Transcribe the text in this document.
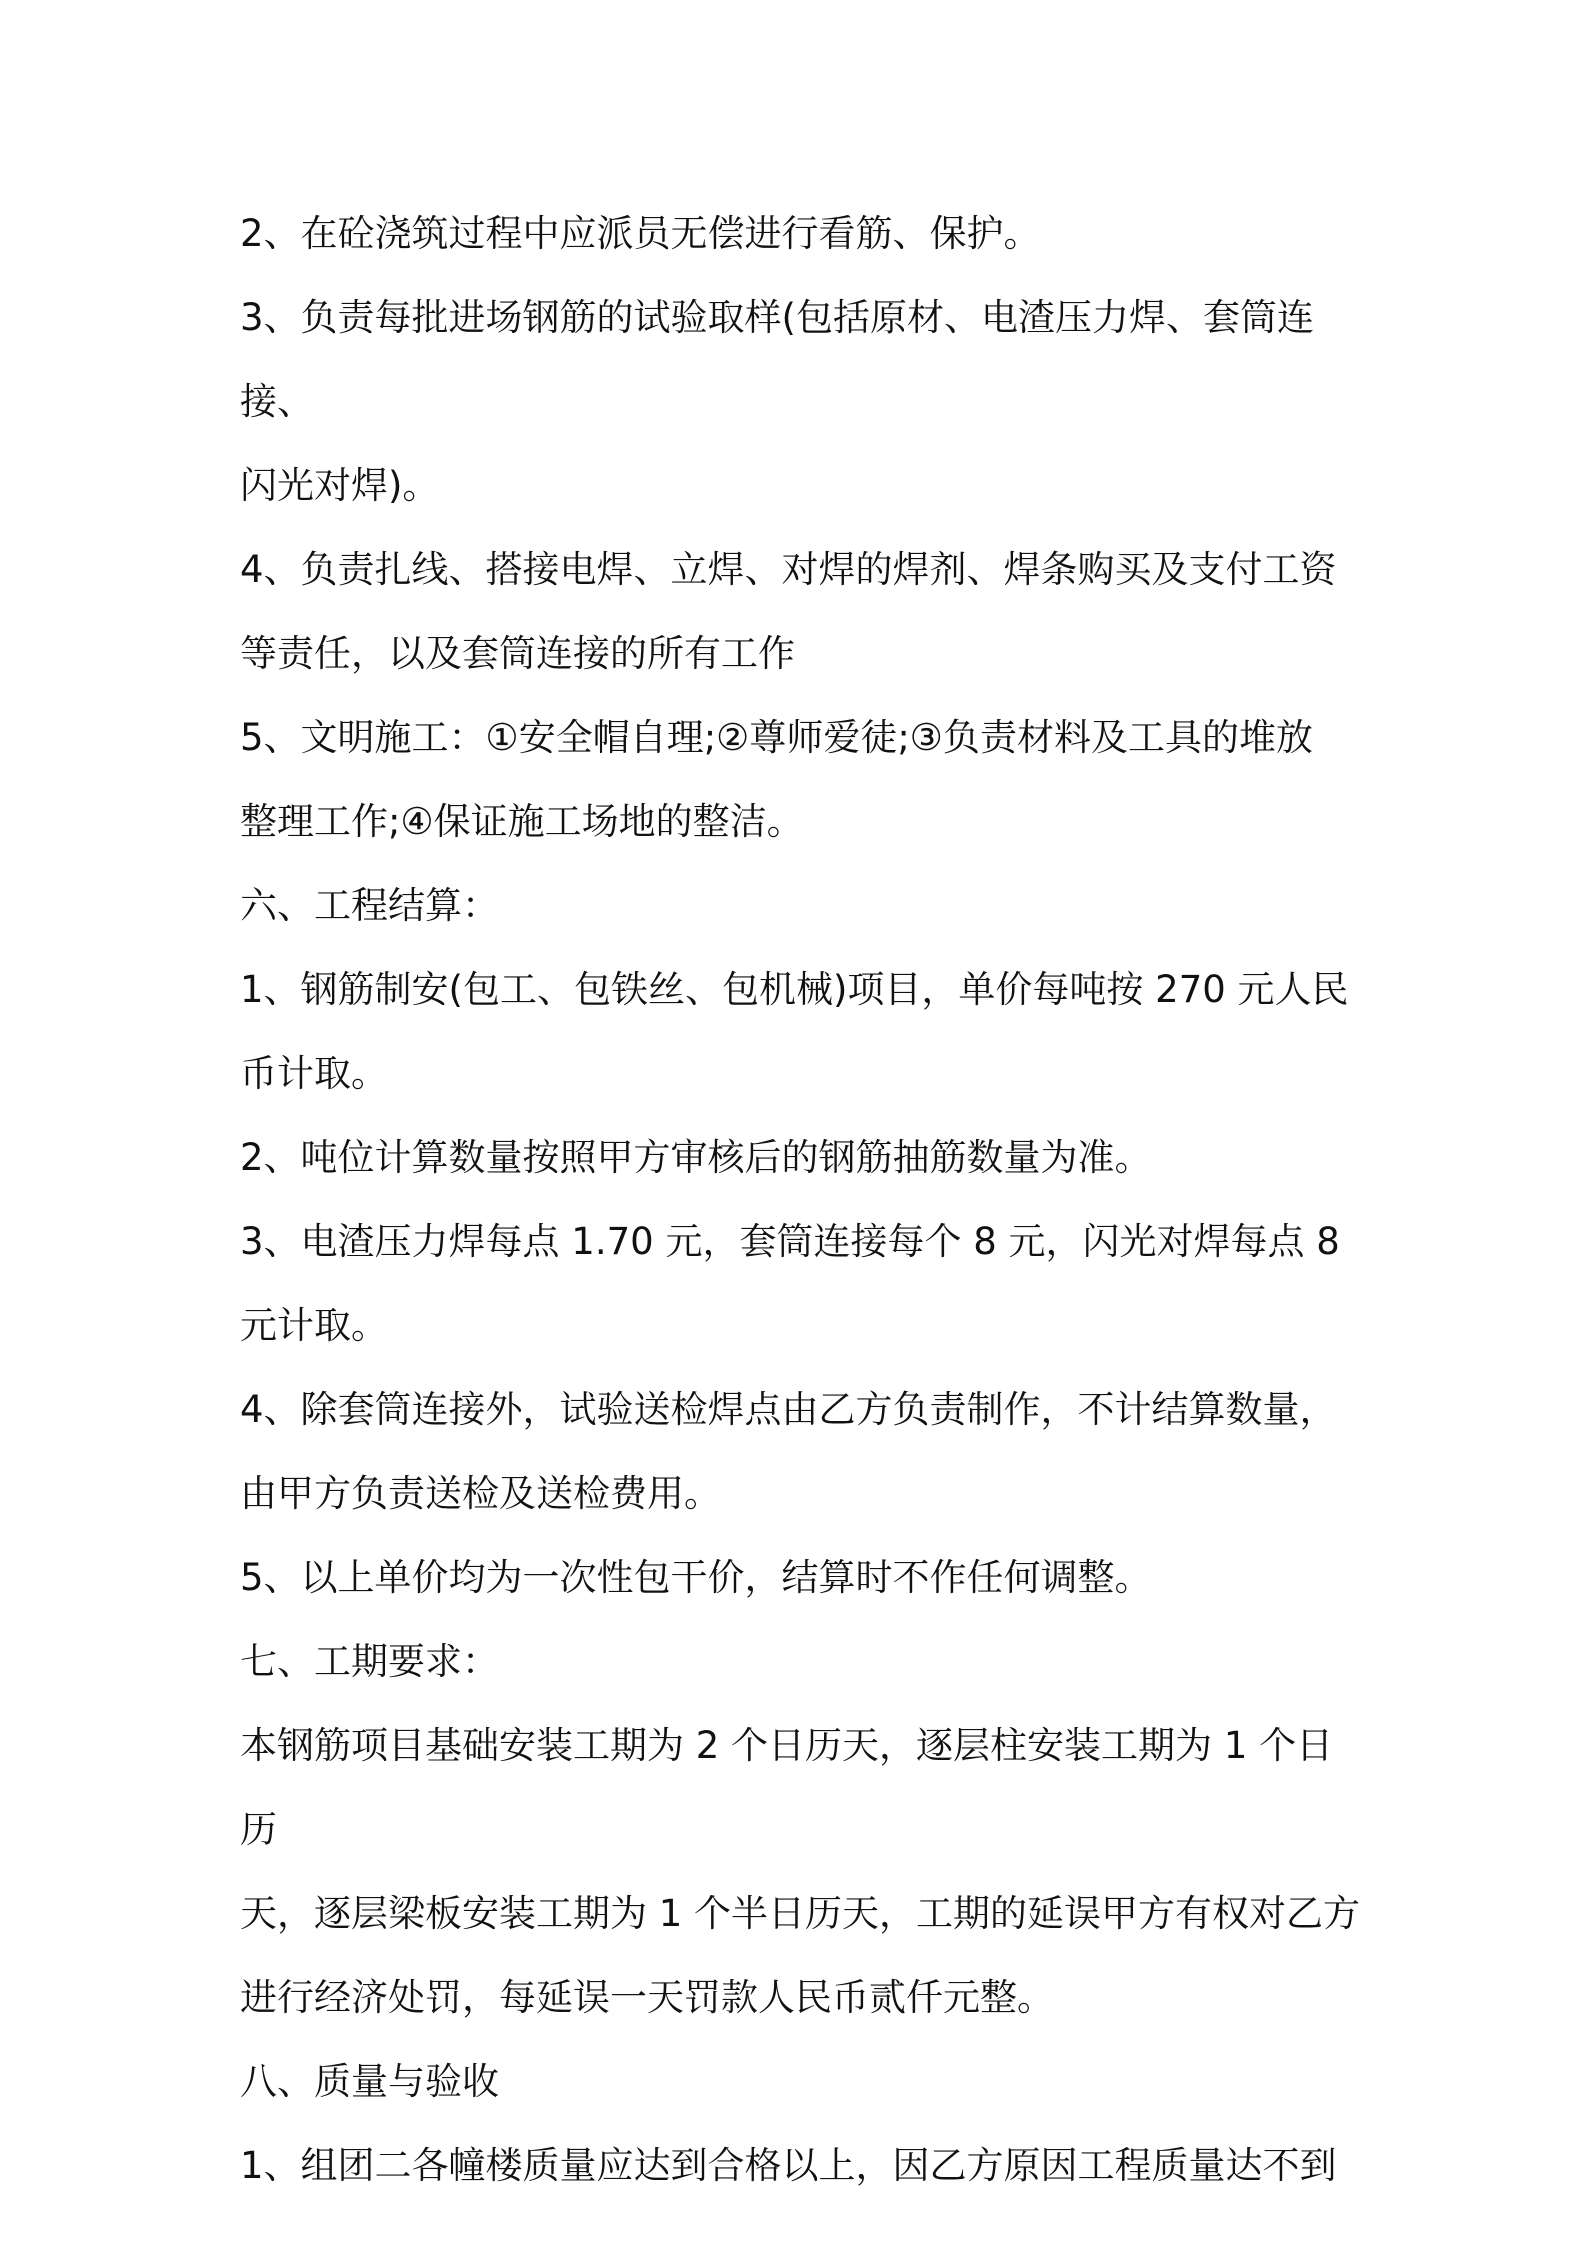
2、在砼浇筑过程中应派员无偿进行看筋、保护。

3、负责每批进场钢筋的试验取样(包括原材、电渣压力焊、套筒连接、

闪光对焊)。

4、负责扎线、搭接电焊、立焊、对焊的焊剂、焊条购买及支付工资

等责任，以及套筒连接的所有工作

5、文明施工：①安全帽自理;②尊师爱徒;③负责材料及工具的堆放

整理工作;④保证施工场地的整洁。

六、工程结算：

1、钢筋制安(包工、包铁丝、包机械)项目，单价每吨按 270 元人民

币计取。

2、吨位计算数量按照甲方审核后的钢筋抽筋数量为准。

3、电渣压力焊每点 1.70 元，套筒连接每个 8 元，闪光对焊每点 8

元计取。

4、除套筒连接外，试验送检焊点由乙方负责制作，不计结算数量，

由甲方负责送检及送检费用。

5、以上单价均为一次性包干价，结算时不作任何调整。

七、工期要求：

本钢筋项目基础安装工期为 2 个日历天，逐层柱安装工期为 1 个日历

天，逐层梁板安装工期为 1 个半日历天，工期的延误甲方有权对乙方

进行经济处罚，每延误一天罚款人民币贰仟元整。

八、质量与验收

1、组团二各幢楼质量应达到合格以上，因乙方原因工程质量达不到
